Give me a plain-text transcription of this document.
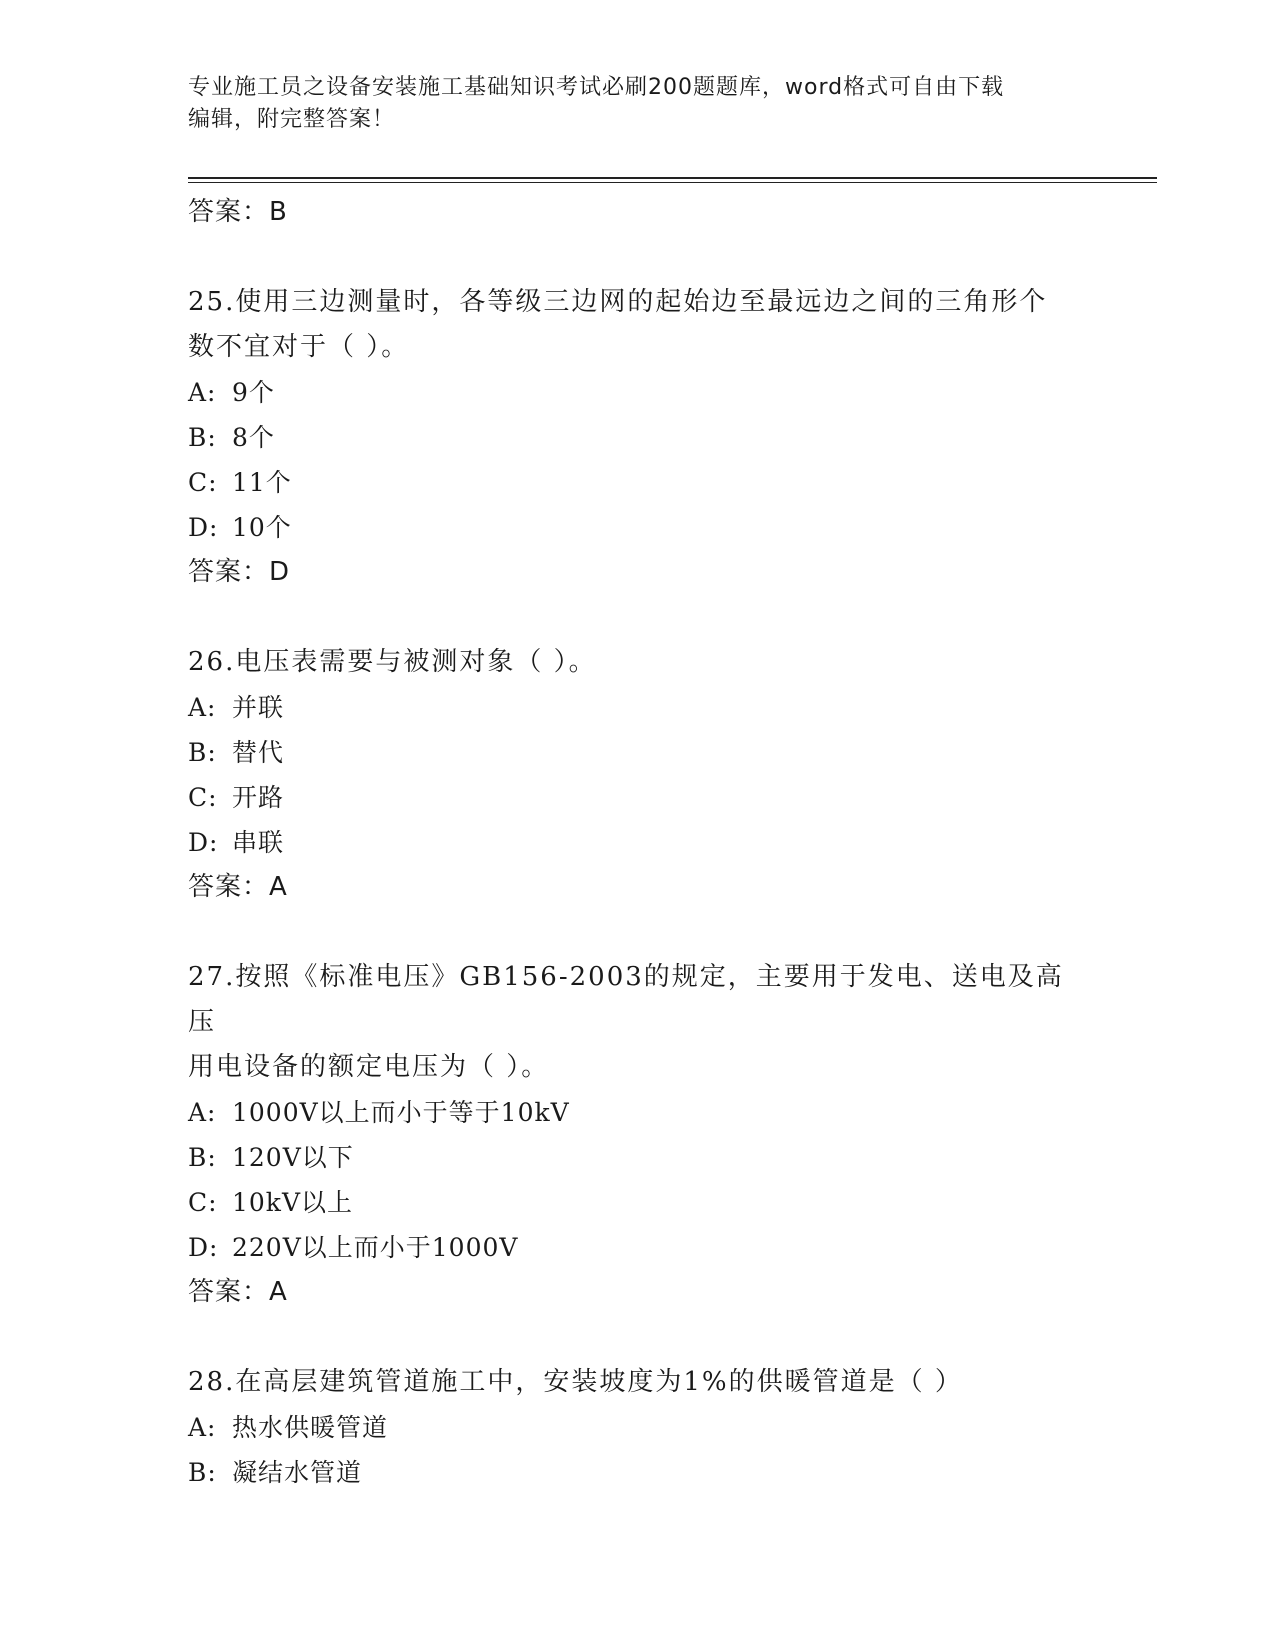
专业施工员之设备安装施工基础知识考试必刷200题题库，word格式可自由下载
编辑，附完整答案！
答案：B
25.使用三边测量时，各等级三边网的起始边至最远边之间的三角形个
数不宜对于（ ）。
A: 9个
B: 8个
C: 11个
D: 10个
答案：D
26.电压表需要与被测对象（ ）。
A: 并联
B: 替代
C: 开路
D: 串联
答案：A
27.按照《标准电压》GB156-2003的规定，主要用于发电、送电及高压
用电设备的额定电压为（ ）。
A: 1000V以上而小于等于10kV
B: 120V以下
C: 10kV以上
D: 220V以上而小于1000V
答案：A
28.在高层建筑管道施工中，安装坡度为1%的供暖管道是（ ）
A: 热水供暖管道
B: 凝结水管道
